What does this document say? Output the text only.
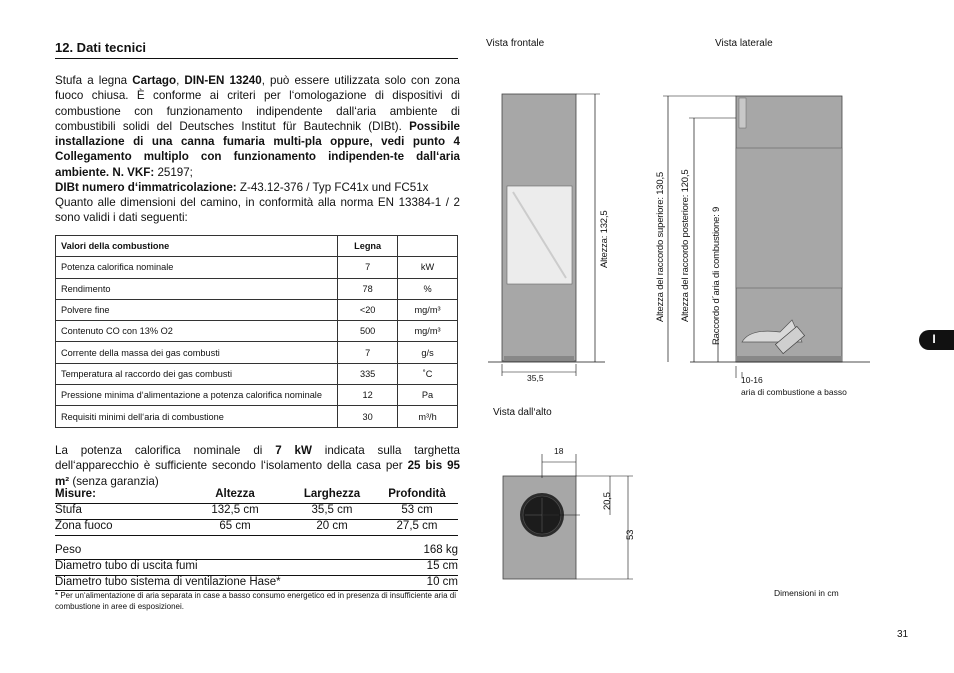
12. Dati tecnici
Stufa a legna Cartago, DIN-EN 13240, può essere utilizzata solo con zona fuoco chiusa. È conforme ai criteri per l‘omologazione di dispositivi di combustione con funzionamento indipendente dall‘aria ambiente di combustibili solidi del Deutsches Institut für Bautechnik (DIBt). Possibile installazione di una canna fumaria multi-pla oppure, vedi punto 4 Collegamento multiplo con funzionamento indipenden-te dall‘aria ambiente. N. VKF: 25197;
DIBt numero d‘immatricolazione: Z-43.12-376 / Typ FC41x und FC51x
Quanto alle dimensioni del camino, in conformità alla norma EN 13384-1 / 2 sono validi i dati seguenti:
Valori della combustione	Legna	
Potenza calorifica nominale	7	kW
Rendimento	78	%
Polvere fine	<20	mg/m³
Contenuto CO con 13% O2	500	mg/m³
Corrente della massa dei gas combusti	7	g/s
Temperatura al raccordo dei gas combusti	335	˚C
Pressione minima d‘alimentazione a potenza calorifica nominale	12	Pa
Requisiti minimi dell‘aria di combustione	30	m³/h
La potenza calorifica nominale di 7 kW indicata sulla targhetta dell‘apparecchio è sufficiente secondo l‘isolamento della casa per 25 bis 95 m² (senza garanzia)
Misure:	Altezza	Larghezza	Profondità
Stufa	132,5 cm	35,5 cm	53 cm
Zona fuoco	65 cm	20 cm	27,5 cm
Peso	168 kg
Diametro tubo di uscita fumi	15 cm
Diametro tubo sistema di ventilazione Hase*	10 cm
* Per un‘alimentazione di aria separata in case a basso consumo energetico ed in presenza di insufficiente aria di combustione in aree di esposizionei.
Vista frontale	Vista laterale
35,5
Altezza: 132,5	Altezza del raccordo superiore: 130,5 Altezza del raccordo posteriore: 120,5 Raccordo d´aria di combustione: 9
10-16
aria di combustione a basso
Vista dall‘alto
18
20,5
53
Dimensioni in cm
I
31
